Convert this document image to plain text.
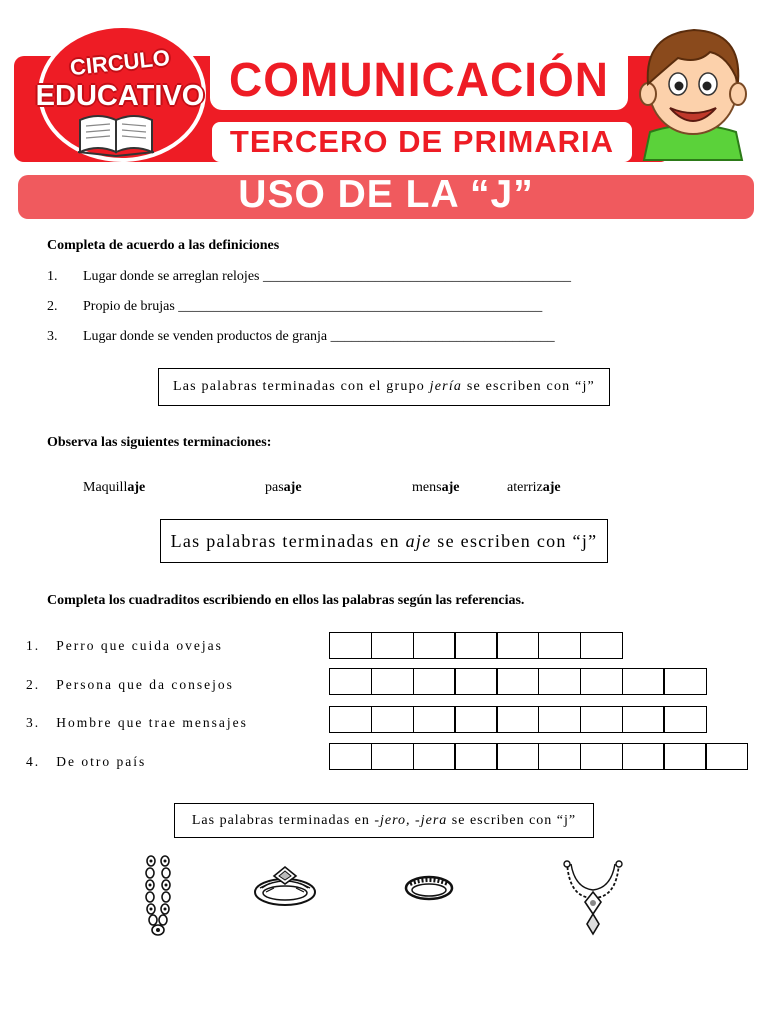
COMUNICACIÓN
TERCERO DE PRIMARIA
CIRCULO
EDUCATIVO
USO DE LA “J”
Completa de acuerdo a las definiciones
1. Lugar donde se arreglan relojes ____________________________________________
2. Propio de brujas ____________________________________________________
3. Lugar donde se venden productos de granja ________________________________
Las palabras terminadas con el grupo jería se escriben con “j”
Observa las siguientes terminaciones:
Maquillaje	pasaje	mensaje	aterrizaje
Las palabras terminadas en aje se escriben con “j”
Completa los cuadraditos escribiendo en ellos las palabras según las referencias.
1. Perro que cuida ovejas
2. Persona que da consejos
3. Hombre que trae mensajes
4. De otro país
Las palabras terminadas en -jero, -jera se escriben con “j”
